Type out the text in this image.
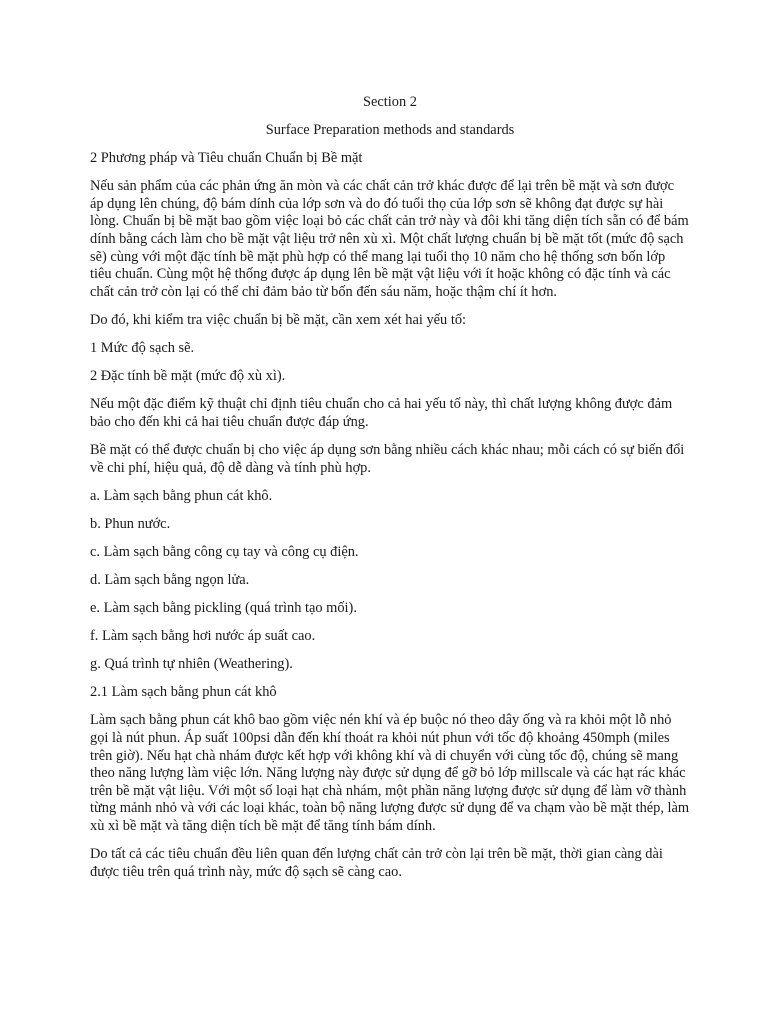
Section 2
Surface Preparation methods and standards

2 Phương pháp và Tiêu chuẩn Chuẩn bị Bề mặt

Nếu sản phẩm của các phản ứng ăn mòn và các chất cản trở khác được để lại trên bề mặt và sơn được áp dụng lên chúng, độ bám dính của lớp sơn và do đó tuổi thọ của lớp sơn sẽ không đạt được sự hài lòng. Chuẩn bị bề mặt bao gồm việc loại bỏ các chất cản trở này và đôi khi tăng diện tích sẵn có để bám dính bằng cách làm cho bề mặt vật liệu trở nên xù xì. Một chất lượng chuẩn bị bề mặt tốt (mức độ sạch sẽ) cùng với một đặc tính bề mặt phù hợp có thể mang lại tuổi thọ 10 năm cho hệ thống sơn bốn lớp tiêu chuẩn. Cùng một hệ thống được áp dụng lên bề mặt vật liệu với ít hoặc không có đặc tính và các chất cản trở còn lại có thể chỉ đảm bảo từ bốn đến sáu năm, hoặc thậm chí ít hơn.

Do đó, khi kiểm tra việc chuẩn bị bề mặt, cần xem xét hai yếu tố:

1 Mức độ sạch sẽ.

2 Đặc tính bề mặt (mức độ xù xì).

Nếu một đặc điểm kỹ thuật chỉ định tiêu chuẩn cho cả hai yếu tố này, thì chất lượng không được đảm bảo cho đến khi cả hai tiêu chuẩn được đáp ứng.

Bề mặt có thể được chuẩn bị cho việc áp dụng sơn bằng nhiều cách khác nhau; mỗi cách có sự biến đổi về chi phí, hiệu quả, độ dễ dàng và tính phù hợp.

a. Làm sạch bằng phun cát khô.

b. Phun nước.

c. Làm sạch bằng công cụ tay và công cụ điện.

d. Làm sạch bằng ngọn lửa.

e. Làm sạch bằng pickling (quá trình tạo mối).

f. Làm sạch bằng hơi nước áp suất cao.

g. Quá trình tự nhiên (Weathering).

2.1 Làm sạch bằng phun cát khô

Làm sạch bằng phun cát khô bao gồm việc nén khí và ép buộc nó theo dây ống và ra khỏi một lỗ nhỏ gọi là nút phun. Áp suất 100psi dẫn đến khí thoát ra khỏi nút phun với tốc độ khoảng 450mph (miles trên giờ). Nếu hạt chà nhám được kết hợp với không khí và di chuyển với cùng tốc độ, chúng sẽ mang theo năng lượng làm việc lớn. Năng lượng này được sử dụng để gỡ bỏ lớp millscale và các hạt rác khác trên bề mặt vật liệu. Với một số loại hạt chà nhám, một phần năng lượng được sử dụng để làm vỡ thành từng mảnh nhỏ và với các loại khác, toàn bộ năng lượng được sử dụng để va chạm vào bề mặt thép, làm xù xì bề mặt và tăng diện tích bề mặt để tăng tính bám dính.

Do tất cả các tiêu chuẩn đều liên quan đến lượng chất cản trở còn lại trên bề mặt, thời gian càng dài được tiêu trên quá trình này, mức độ sạch sẽ càng cao.
